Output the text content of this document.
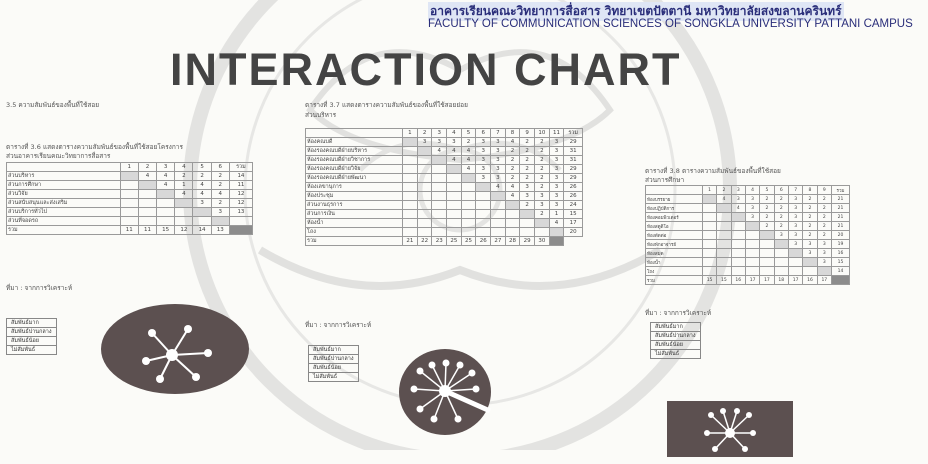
อาคารเรียนคณะวิทยาการสื่อสาร วิทยาเขตปัตตานี มหาวิทยาลัยสงขลานครินทร์
FACULTY OF COMMUNICATION SCIENCES OF SONGKLA UNIVERSITY PATTANI CAMPUS
INTERACTION CHART
3.5 ความสัมพันธ์ของพื้นที่ใช้สอย
ตารางที่ 3.6 แสดงตารางความสัมพันธ์ของพื้นที่ใช้สอยโครงการ
ส่วนอาคารเรียนคณะวิทยาการสื่อสาร
	1	2	3	4	5	6	รวม
ส่วนบริหาร		4	4	2	2	2	14
ส่วนการศึกษา			4	1	4	2	11
ส่วนวิจัย				4	4	4	12
ส่วนสนับสนุนและส่งเสริม					3	2	12
ส่วนบริการทั่วไป						3	13
ส่วนที่จอดรถ							
รวม	11	11	15	12	14	13	
ที่มา : จากการวิเคราะห์
สัมพันธ์มาก
สัมพันธ์ปานกลาง
สัมพันธ์น้อย
ไม่สัมพันธ์
ตารางที่ 3.7 แสดงตารางความสัมพันธ์ของพื้นที่ใช้สอยย่อย
ส่วนบริหาร
	1	2	3	4	5	6	7	8	9	10	11	รวม
ห้องคณบดี		3	3	3	2	3	3	4	2	2	3	29
ห้องรองคณบดีฝ่ายบริหาร			4	4	4	3	3	2	2	2	3	31
ห้องรองคณบดีฝ่ายวิชาการ				4	4	3	3	2	2	2	3	31
ห้องรองคณบดีฝ่ายวิจัย					4	3	3	2	2	2	3	29
ห้องรองคณบดีฝ่ายพัฒนา						3	3	2	2	2	3	29
ห้องเลขานุการ							4	4	3	2	3	26
ห้องประชุม								4	3	3	3	26
ส่วนงานธุรการ									2	3	3	24
ส่วนการเงิน										2	1	15
ห้องน้ำ											4	17
โถง												20
รวม	21	22	23	25	25	26	27	28	29	30		
ที่มา : จากการวิเคราะห์
สัมพันธ์มาก
สัมพันธ์ปานกลาง
สัมพันธ์น้อย
ไม่สัมพันธ์
ตารางที่ 3.8 ตารางความสัมพันธ์ของพื้นที่ใช้สอย
ส่วนการศึกษา
	1	2	3	4	5	6	7	8	9	รวม
ห้องบรรยาย		4	3	3	2	2	3	2	2	21
ห้องปฏิบัติการ			4	3	2	2	3	2	2	21
ห้องคอมพิวเตอร์				3	2	2	3	2	2	21
ห้องสตูดิโอ					2	2	3	2	2	21
ห้องตัดต่อ						3	3	2	2	20
ห้องพักอาจารย์							3	3	3	19
ห้องสมุด								3	3	16
ห้องน้ำ									3	15
โถง										14
รวม	15	15	16	17	17	18	17	16	17	
ที่มา : จากการวิเคราะห์
สัมพันธ์มาก
สัมพันธ์ปานกลาง
สัมพันธ์น้อย
ไม่สัมพันธ์
